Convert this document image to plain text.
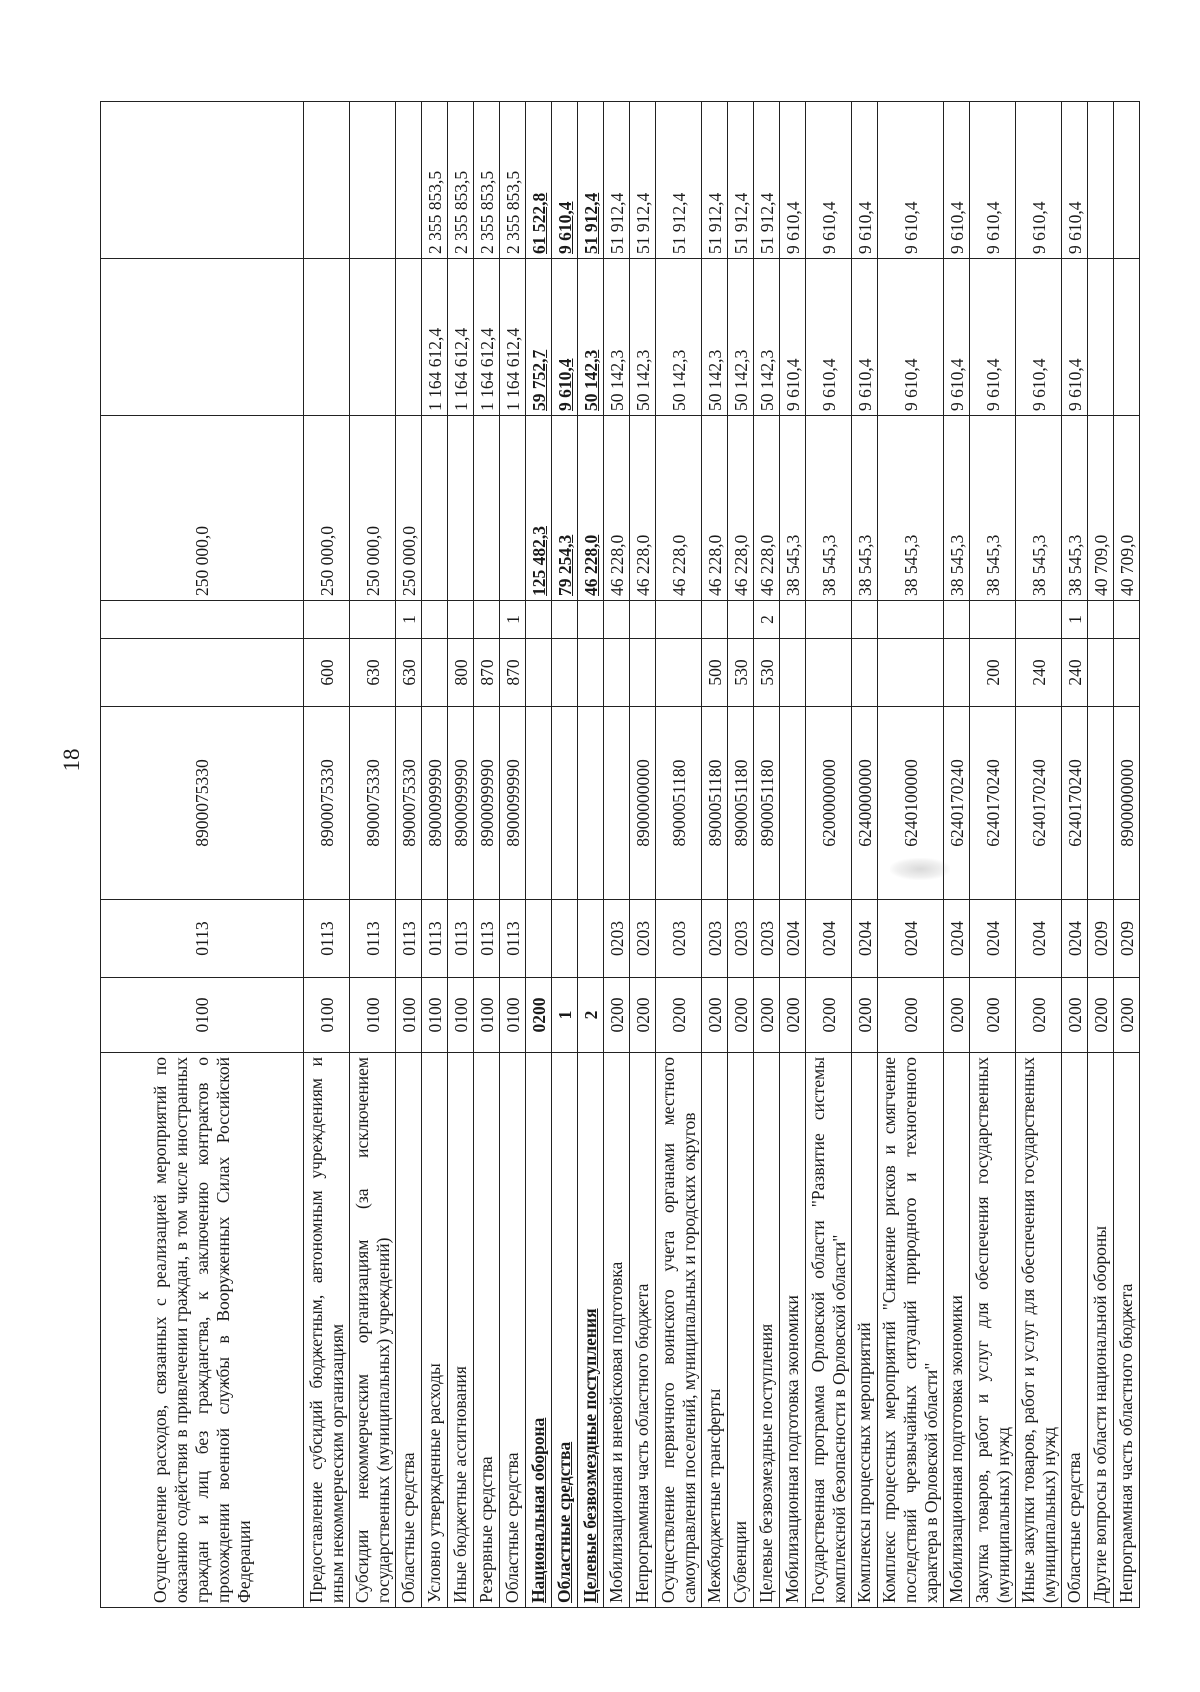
18
Осуществление расходов, связанных с реализацией мероприятий по оказанию содействия в привлечении граждан, в том числе иностранных граждан и лиц без гражданства, к заключению контрактов о прохождении военной службы в Вооруженных Силах Российской Федерации	0100	0113	8900075330			250 000,0		
Предоставление субсидий бюджетным, автономным учреждениям и иным некоммерческим организациям	0100	0113	8900075330	600		250 000,0		
Субсидии некоммерческим организациям (за исключением государственных (муниципальных) учреждений)	0100	0113	8900075330	630		250 000,0		
Областные средства	0100	0113	8900075330	630	1	250 000,0		
Условно утвержденные расходы	0100	0113	8900099990				1 164 612,4	2 355 853,5
Иные бюджетные ассигнования	0100	0113	8900099990	800			1 164 612,4	2 355 853,5
Резервные средства	0100	0113	8900099990	870			1 164 612,4	2 355 853,5
Областные средства	0100	0113	8900099990	870	1		1 164 612,4	2 355 853,5
Национальная оборона	0200					125 482,3	59 752,7	61 522,8
Областные средства	1					79 254,3	9 610,4	9 610,4
Целевые безвозмездные поступления	2					46 228,0	50 142,3	51 912,4
Мобилизационная и вневойсковая подготовка	0200	0203				46 228,0	50 142,3	51 912,4
Непрограммная часть областного бюджета	0200	0203	8900000000			46 228,0	50 142,3	51 912,4
Осуществление первичного воинского учета органами местного самоуправления поселений, муниципальных и городских округов	0200	0203	8900051180			46 228,0	50 142,3	51 912,4
Межбюджетные трансферты	0200	0203	8900051180	500		46 228,0	50 142,3	51 912,4
Субвенции	0200	0203	8900051180	530		46 228,0	50 142,3	51 912,4
Целевые безвозмездные поступления	0200	0203	8900051180	530	2	46 228,0	50 142,3	51 912,4
Мобилизационная подготовка экономики	0200	0204				38 545,3	9 610,4	9 610,4
Государственная программа Орловской области "Развитие системы комплексной безопасности в Орловской области"	0200	0204	6200000000			38 545,3	9 610,4	9 610,4
Комплексы процессных мероприятий	0200	0204	6240000000			38 545,3	9 610,4	9 610,4
Комплекс процессных мероприятий "Снижение рисков и смягчение последствий чрезвычайных ситуаций природного и техногенного характера в Орловской области"	0200	0204	6240100000			38 545,3	9 610,4	9 610,4
Мобилизационная подготовка экономики	0200	0204	6240170240			38 545,3	9 610,4	9 610,4
Закупка товаров, работ и услуг для обеспечения государственных (муниципальных) нужд	0200	0204	6240170240	200		38 545,3	9 610,4	9 610,4
Иные закупки товаров, работ и услуг для обеспечения государственных (муниципальных) нужд	0200	0204	6240170240	240		38 545,3	9 610,4	9 610,4
Областные средства	0200	0204	6240170240	240	1	38 545,3	9 610,4	9 610,4
Другие вопросы в области национальной обороны	0200	0209				40 709,0		
Непрограммная часть областного бюджета	0200	0209	8900000000			40 709,0		
